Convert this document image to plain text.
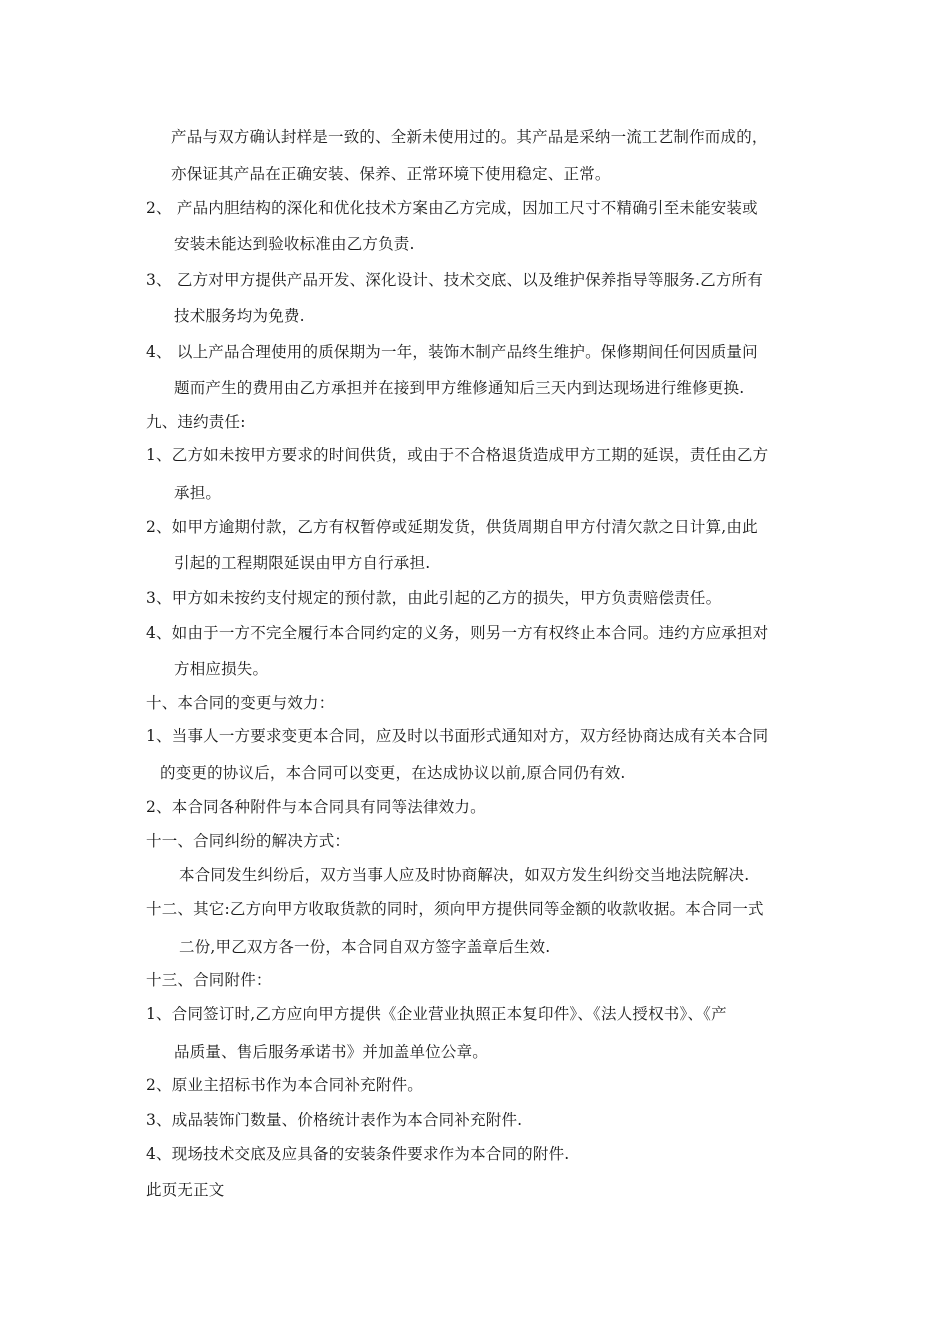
产品与双方确认封样是一致的、全新未使用过的。其产品是采纳一流工艺制作而成的，
亦保证其产品在正确安装、保养、正常环境下使用稳定、正常。
2、 产品内胆结构的深化和优化技术方案由乙方完成，因加工尺寸不精确引至未能安装或
安装未能达到验收标准由乙方负责.
3、 乙方对甲方提供产品开发、深化设计、技术交底、以及维护保养指导等服务.乙方所有
技术服务均为免费.
4、 以上产品合理使用的质保期为一年，装饰木制产品终生维护。保修期间任何因质量问
题而产生的费用由乙方承担并在接到甲方维修通知后三天内到达现场进行维修更换.
九、违约责任:
1、乙方如未按甲方要求的时间供货，或由于不合格退货造成甲方工期的延误，责任由乙方
承担。
2、如甲方逾期付款，乙方有权暂停或延期发货，供货周期自甲方付清欠款之日计算,由此
引起的工程期限延误由甲方自行承担.
3、甲方如未按约支付规定的预付款，由此引起的乙方的损失，甲方负责赔偿责任。
4、如由于一方不完全履行本合同约定的义务，则另一方有权终止本合同。违约方应承担对
方相应损失。
十、本合同的变更与效力：
1、当事人一方要求变更本合同，应及时以书面形式通知对方，双方经协商达成有关本合同
的变更的协议后，本合同可以变更，在达成协议以前,原合同仍有效.
2、本合同各种附件与本合同具有同等法律效力。
十一、合同纠纷的解决方式：
本合同发生纠纷后，双方当事人应及时协商解决，如双方发生纠纷交当地法院解决.
十二、其它:乙方向甲方收取货款的同时，须向甲方提供同等金额的收款收据。本合同一式
二份,甲乙双方各一份，本合同自双方签字盖章后生效.
十三、合同附件：
1、合同签订时,乙方应向甲方提供《企业营业执照正本复印件》、《法人授权书》、《产
品质量、售后服务承诺书》并加盖单位公章。
2、原业主招标书作为本合同补充附件。
3、成品装饰门数量、价格统计表作为本合同补充附件.
4、现场技术交底及应具备的安装条件要求作为本合同的附件.
此页无正文
